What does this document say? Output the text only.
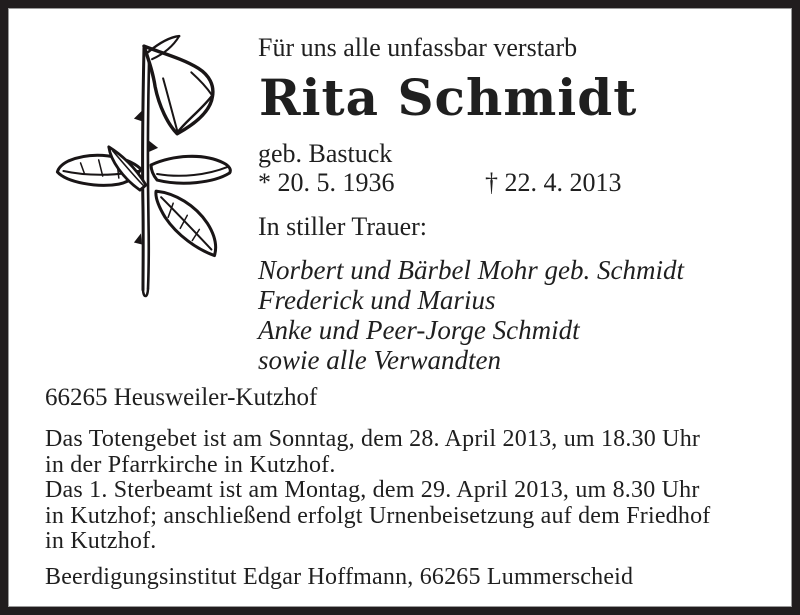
Für uns alle unfassbar verstarb
Rita Schmidt
geb. Bastuck
* 20. 5. 1936	† 22. 4. 2013
In stiller Trauer:
Norbert und Bärbel Mohr geb. Schmidt
Frederick und Marius
Anke und Peer-Jorge Schmidt
sowie alle Verwandten
66265 Heusweiler-Kutzhof
Das Totengebet ist am Sonntag, dem 28. April 2013, um 18.30 Uhr
in der Pfarrkirche in Kutzhof.
Das 1. Sterbeamt ist am Montag, dem 29. April 2013, um 8.30 Uhr
in Kutzhof; anschließend erfolgt Urnenbeisetzung auf dem Friedhof
in Kutzhof.
Beerdigungsinstitut Edgar Hoffmann, 66265 Lummerscheid
